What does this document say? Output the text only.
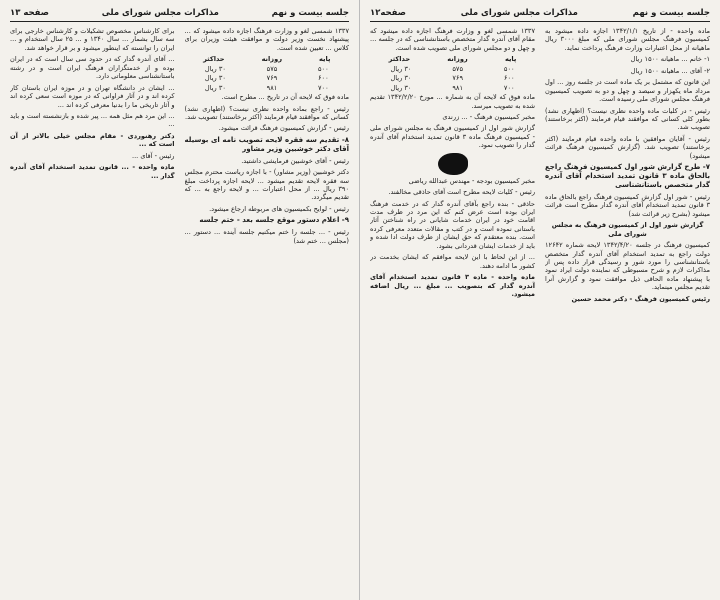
جلسه بیست و نهم
مذاکرات مجلس شورای ملی
صفحه۱۲

ماده واحده - از تاریخ ۱۳۴۲/۱/۱ اجازه داده میشود به کمیسیون فرهنگ مجلس شورای ملی که مبلغ ۳۰۰۰ ریال ماهیانه از محل اعتبارات وزارت فرهنگ پرداخت نماید.

۱- خانم ... ماهیانه ۱۵۰۰ ریال

۲- آقای ... ماهیانه ۱۵۰۰ ریال

این قانون که مشتمل بر یک ماده است در جلسه روز ... اول مرداد ماه یکهزار و سیصد و چهل و دو به تصویب کمیسیون فرهنگ مجلس شورای ملی رسیده است.

رئیس - در کلیات ماده واحده نظری نیست؟ (اظهاری نشد) بطور کلی کسانی که موافقند قیام فرمایند (اکثر برخاستند) تصویب شد.

رئیس - آقایان موافقین با ماده واحده قیام فرمایند (اکثر برخاستند) تصویب شد. (گزارش کمیسیون فرهنگ قرائت میشود)

۷- طرح گزارش شور اول کمیسیون فرهنگ راجع بالحاق ماده ۳ قانون تمدید استخدام آقای آندره گدار متخصص باستانشناسی

رئیس - شور اول گزارش کمیسیون فرهنگ راجع بالحاق ماده ۳ قانون تمدید استخدام آقای آندره گدار مطرح است قرائت میشود (بشرح زیر قرائت شد)

گزارش شور اول از کمیسیون فرهنگ به مجلس شورای ملی

کمیسیون فرهنگ در جلسه ۱۳۴۲/۴/۲۰ لایحه شماره ۱۲۶۴۲ دولت راجع به تمدید استخدام آقای آندره گدار متخصص باستانشناسی را مورد شور و رسیدگی قرار داده پس از مذاکرات لازم و شرح مسبوطی که نماینده دولت ایراد نمود با پیشنهاد ماده الحاقی ذیل موافقت نمود و گزارش آنرا تقدیم مجلس مینماید.

رئیس کمیسیون فرهنگ - دکتر محمد حسین

۱۳۳۷ شمسی لغو و وزارت فرهنگ اجازه داده میشود که مقام آقای آندره گدار متخصص باستانشناسی که در جلسه ... و چهل و دو مجلس شورای ملی تصویب شده است.

پایه
روزانه
حداکثر
۵۰۰
۵۷۵
۳۰ ریال
۶۰۰
۷۶۹
۳۰ ریال
۷۰۰
۹۸۱
۳۰ ریال

ماده فوق که لایحه آن به شماره ... مورخ ۱۳۴۲/۲/۲۰ تقدیم شده به تصویب میرسد.

مخبر کمیسیون فرهنگ - ... زرندی

گزارش شور اول از کمیسیون فرهنگ به مجلس شورای ملی - کمیسیون فرهنگ ماده ۳ قانون تمدید استخدام آقای آندره گدار را تصویب نمود.

مخبر کمیسیون بودجه - مهندس عبدالله ریاضی

رئیس - کلیات لایحه مطرح است آقای حاذقی مخالفند.

حاذقی - بنده راجع بآقای آندره گدار که در خدمت فرهنگ ایران بوده است عرض کنم که این مرد در ظرف مدت اقامت خود در ایران خدمات شایانی در راه شناختن آثار باستانی نموده است و در کتب و مقالات متعدد معرفی کرده است. بنده معتقدم که حق ایشان از طرف دولت ادا شده و باید از خدمات ایشان قدردانی بشود.

... از این لحاظ با این لایحه موافقم که ایشان بخدمت در کشور ما ادامه دهند.

ماده واحده - ماده ۳ قانون تمدید استخدام آقای آندره گدار که بتصویب ... مبلغ ... ریال اضافه میشود.

جلسه بیست و نهم
مذاکرات مجلس شورای ملی
صفحه ۱۳

۱۳۳۷ شمسی لغو و وزارت فرهنگ اجازه داده میشود که ... پیشنهاد نخست وزیر دولت و موافقت هیئت وزیران برای کلاس ... تعیین شده است.

پایه
روزانه
حداکثر
۵۰۰
۵۷۵
۳۰ ریال
۶۰۰
۷۶۹
۳۰ ریال
۷۰۰
۹۸۱
۳۰ ریال

ماده فوق که لایحه آن در تاریخ ... مطرح است.

رئیس - راجع بماده واحده نظری نیست؟ (اظهاری نشد) کسانی که موافقند قیام فرمایند (اکثر برخاستند) تصویب شد.

رئیس - گزارش کمیسیون فرهنگ قرائت میشود.

۸- تقدیم سه فقره لایحه تصویب نامه ای بوسیله آقای دکتر خوشبین وزیر مشاور

رئیس - آقای خوشبین فرمایشی داشتید.

دکتر خوشبین (وزیر مشاور) - با اجازه ریاست محترم مجلس سه فقره لایحه تقدیم میشود ... لایحه اجازه پرداخت مبلغ ۳۹۰ ریال ... از محل اعتبارات ... و لایحه راجع به ... که تقدیم میگردد.

رئیس - لوایح بکمیسیون های مربوطه ارجاع میشود.

۹- اعلام دستور موقع جلسه بعد - ختم جلسه

رئیس - ... جلسه را ختم میکنیم جلسه آینده ... دستور ... (مجلس ... ختم شد)

برای کارشناس مخصوص تشکیلات و کارشناس خارجی برای سه سال بشمار ... سال ۱۳۴۰ و ... ۲۵ سال استخدام و ... ایران را توانسته که اینطور میشود و بر قرار خواهد شد.

... آقای آندره گدار که در حدود سی سال است که در ایران بوده و از خدمتگزاران فرهنگ ایران است و در رشته باستانشناسی معلوماتی دارد.

... ایشان در دانشگاه تهران و در موزه ایران باستان کار کرده اند و در آثار فراوانی که در موزه است سعی کرده اند و آثار تاریخی ما را بدنیا معرفی کرده اند ...

... این مرد هم مثل همه ... پیر شده و بازنشسته است و باید ...

دکتر رهنوردی - مقام مجلس خیلی بالاتر از آن است که ...

رئیس - آقای ...

ماده واحده - ... قانون تمدید استخدام آقای آندره گدار ...
